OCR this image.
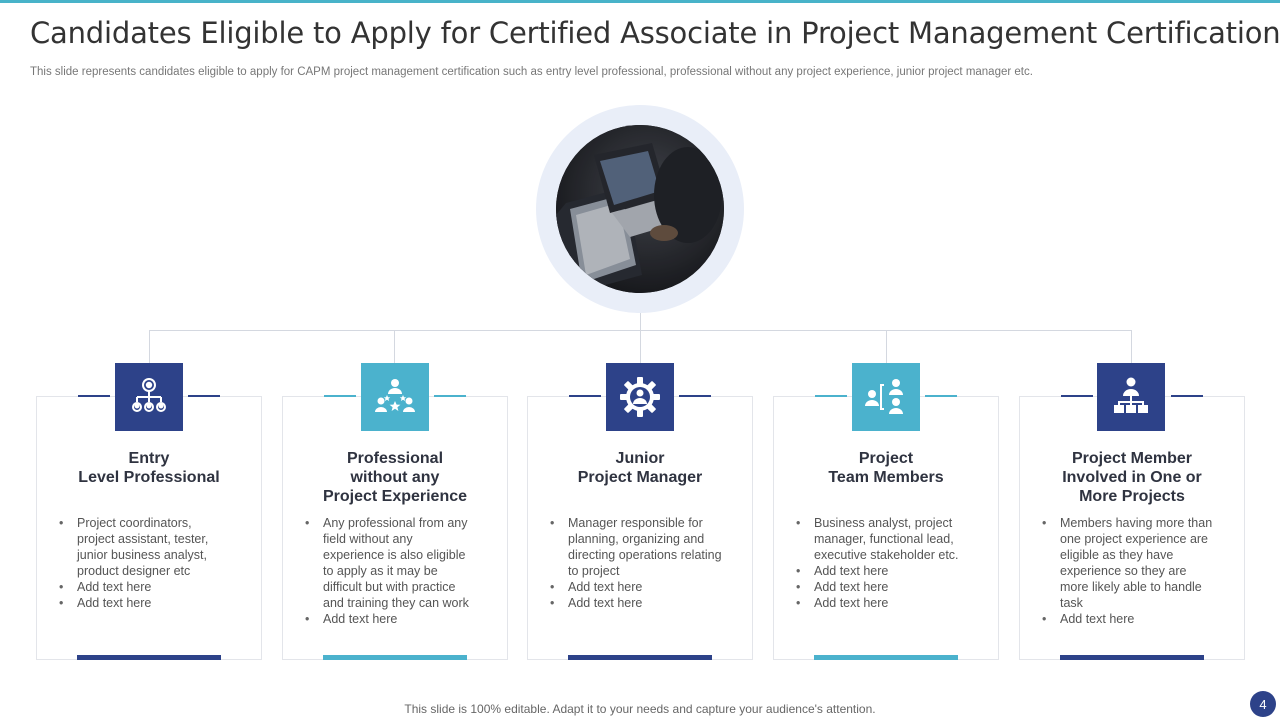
Candidates Eligible to Apply for Certified Associate in Project Management Certification

This slide represents candidates eligible to apply for CAPM project management certification such as entry level professional, professional without any project experience, junior project manager etc.

Entry
Level Professional
• Project coordinators, project assistant, tester, junior business analyst, product designer etc
• Add text here
• Add text here
Professional
without any
Project Experience
• Any professional from any field without any experience is also eligible to apply as it may be difficult but with practice and training they can work
• Add text here
Junior
Project Manager
• Manager responsible for planning, organizing and directing operations relating to project
• Add text here
• Add text here
Project
Team Members
• Business analyst, project manager, functional lead, executive stakeholder etc.
• Add text here
• Add text here
• Add text here
Project Member
Involved in One or
More Projects
• Members having more than one project experience are eligible as they have experience so they are more likely able to handle task
• Add text here

This slide is 100% editable. Adapt it to your needs and capture your audience's attention.	4
